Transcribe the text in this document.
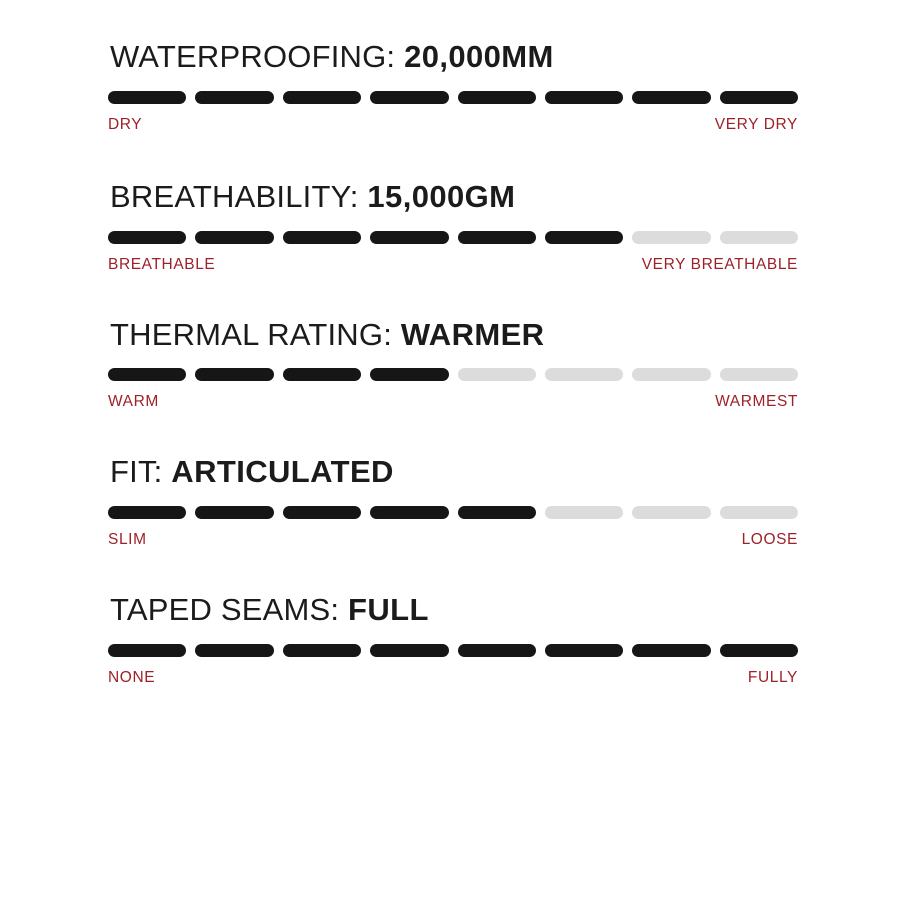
WATERPROOFING: 20,000MM
DRY	VERY DRY
BREATHABILITY: 15,000GM
BREATHABLE	VERY BREATHABLE
THERMAL RATING: WARMER
WARM	WARMEST
FIT: ARTICULATED
SLIM	LOOSE
TAPED SEAMS: FULL
NONE	FULLY
